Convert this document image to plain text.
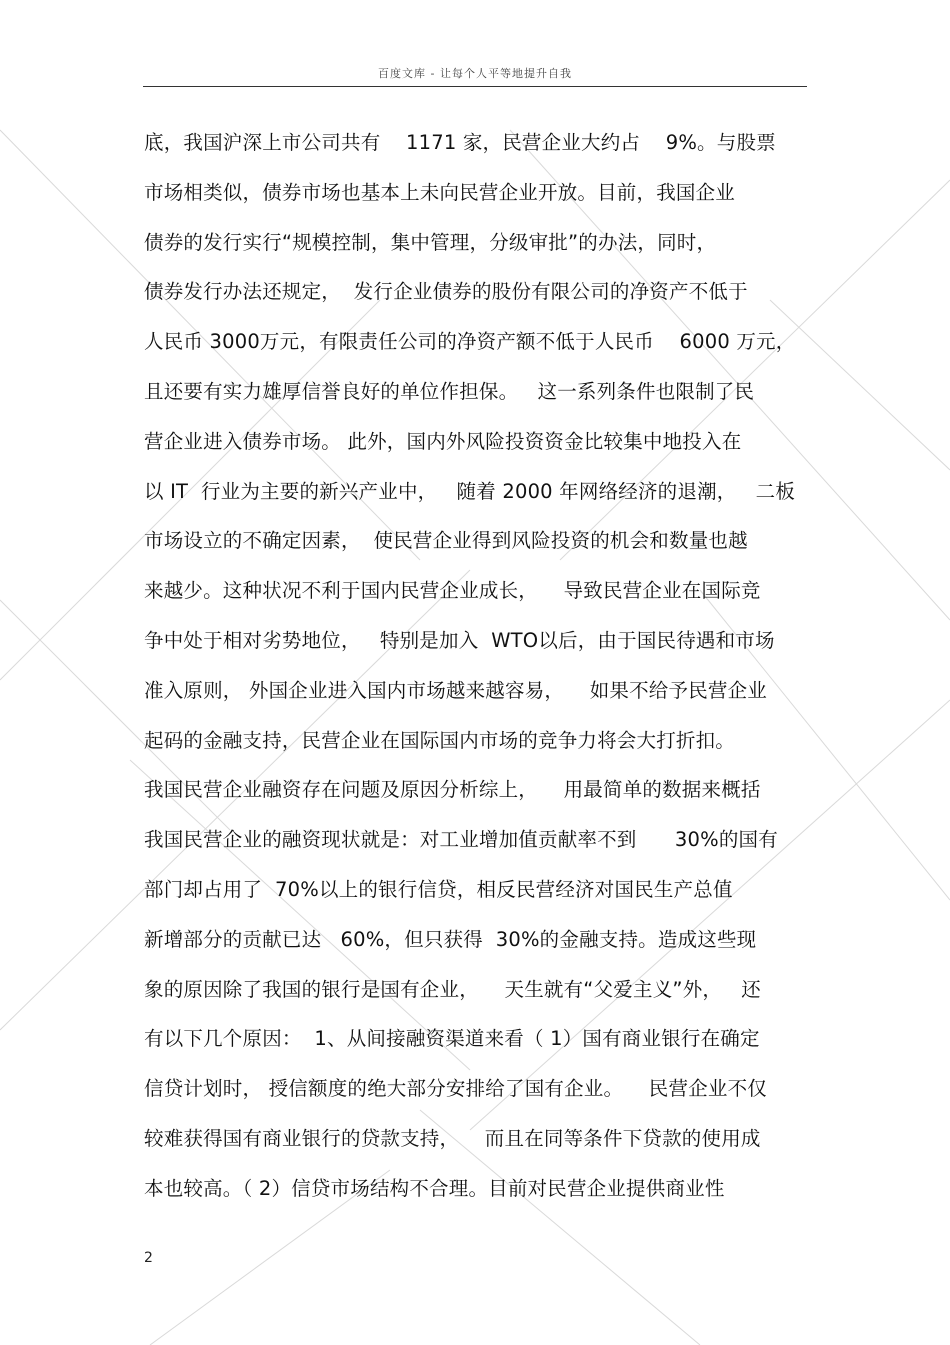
百度文库 - 让每个人平等地提升自我
底，我国沪深上市公司共有    1171 家，民营企业大约占    9%。与股票
市场相类似，债券市场也基本上未向民营企业开放。目前，我国企业
债券的发行实行“规模控制，集中管理，分级审批”的办法，同时，
债券发行办法还规定，  发行企业债券的股份有限公司的净资产不低于
人民币 3000万元，有限责任公司的净资产额不低于人民币    6000 万元，
且还要有实力雄厚信誉良好的单位作担保。   这一系列条件也限制了民
营企业进入债券市场。 此外，国内外风险投资资金比较集中地投入在
以 IT  行业为主要的新兴产业中，   随着 2000 年网络经济的退潮，   二板
市场设立的不确定因素，  使民营企业得到风险投资的机会和数量也越
来越少。这种状况不利于国内民营企业成长，    导致民营企业在国际竞
争中处于相对劣势地位，   特别是加入  WTO以后，由于国民待遇和市场
准入原则， 外国企业进入国内市场越来越容易，    如果不给予民营企业
起码的金融支持，民营企业在国际国内市场的竞争力将会大打折扣。
我国民营企业融资存在问题及原因分析综上，    用最简单的数据来概括
我国民营企业的融资现状就是：对工业增加值贡献率不到      30%的国有
部门却占用了  70%以上的银行信贷，相反民营经济对国民生产总值
新增部分的贡献已达   60%，但只获得  30%的金融支持。造成这些现
象的原因除了我国的银行是国有企业，    天生就有“父爱主义”外，   还
有以下几个原因：  1、从间接融资渠道来看（ 1）国有商业银行在确定
信贷计划时， 授信额度的绝大部分安排给了国有企业。    民营企业不仅
较难获得国有商业银行的贷款支持，    而且在同等条件下贷款的使用成
本也较高。（ 2）信贷市场结构不合理。目前对民营企业提供商业性
2
